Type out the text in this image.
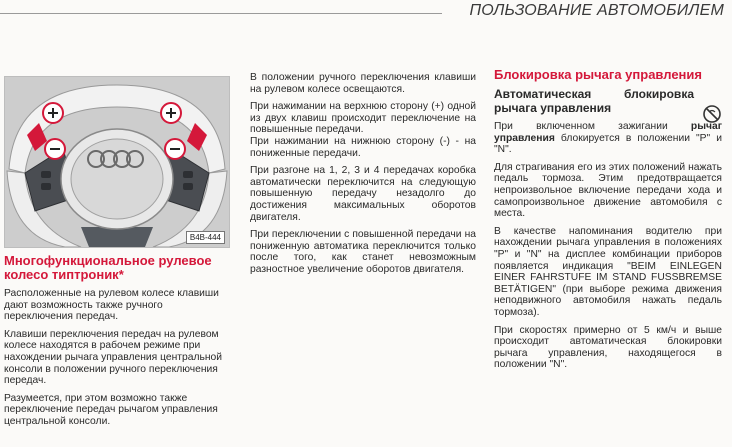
ПОЛЬЗОВАНИЕ АВТОМОБИЛЕМ
B4B-444
Многофункциональное рулевое колесо типтроник*

Расположенные на рулевом колесе клавиши дают возможность также ручного переключения передач.

Клавиши переключения передач на рулевом колесе находятся в рабочем режиме при нахождении рычага управления центральной консоли в положении ручного переключения передач.

Разумеется, при этом возможно также переключение передач рычагом управления центральной консоли.

В положении ручного переключения клавиши на рулевом колесе освещаются.

При нажимании на верхнюю сторону (+) одной из двух клавиш происходит переключение на повышенные передачи.

При нажимании на нижнюю сторону (-) - на пониженные передачи.

При разгоне на 1, 2, 3 и 4 передачах коробка автоматически переключится на следующую повышенную передачу незадолго до достижения максимальных оборотов двигателя.

При переключении с повышенной передачи на пониженную автоматика переключится только после того, как станет невозможным разностное увеличение оборотов двигателя.

Блокировка рычага управления
Автоматическая блокировка рычага управления

При включенном зажигании рычаг управления блокируется в положении "P" и "N".

Для страгивания его из этих положений нажать педаль тормоза. Этим предотвращается непроизвольное включение передачи хода и самопроизвольное движение автомобиля с места.

В качестве напоминания водителю при нахождении рычага управления в положениях "P" и "N" на дисплее комбинации приборов появляется индикация "BEIM EINLEGEN EINER FAHRSTUFE IM STAND FUSSBREMSE BETÄTIGEN" (при выборе режима движения неподвижного автомобиля нажать педаль тормоза).

При скоростях примерно от 5 км/ч и выше происходит автоматическая блокировки рычага управления, находящегося в положении "N".
